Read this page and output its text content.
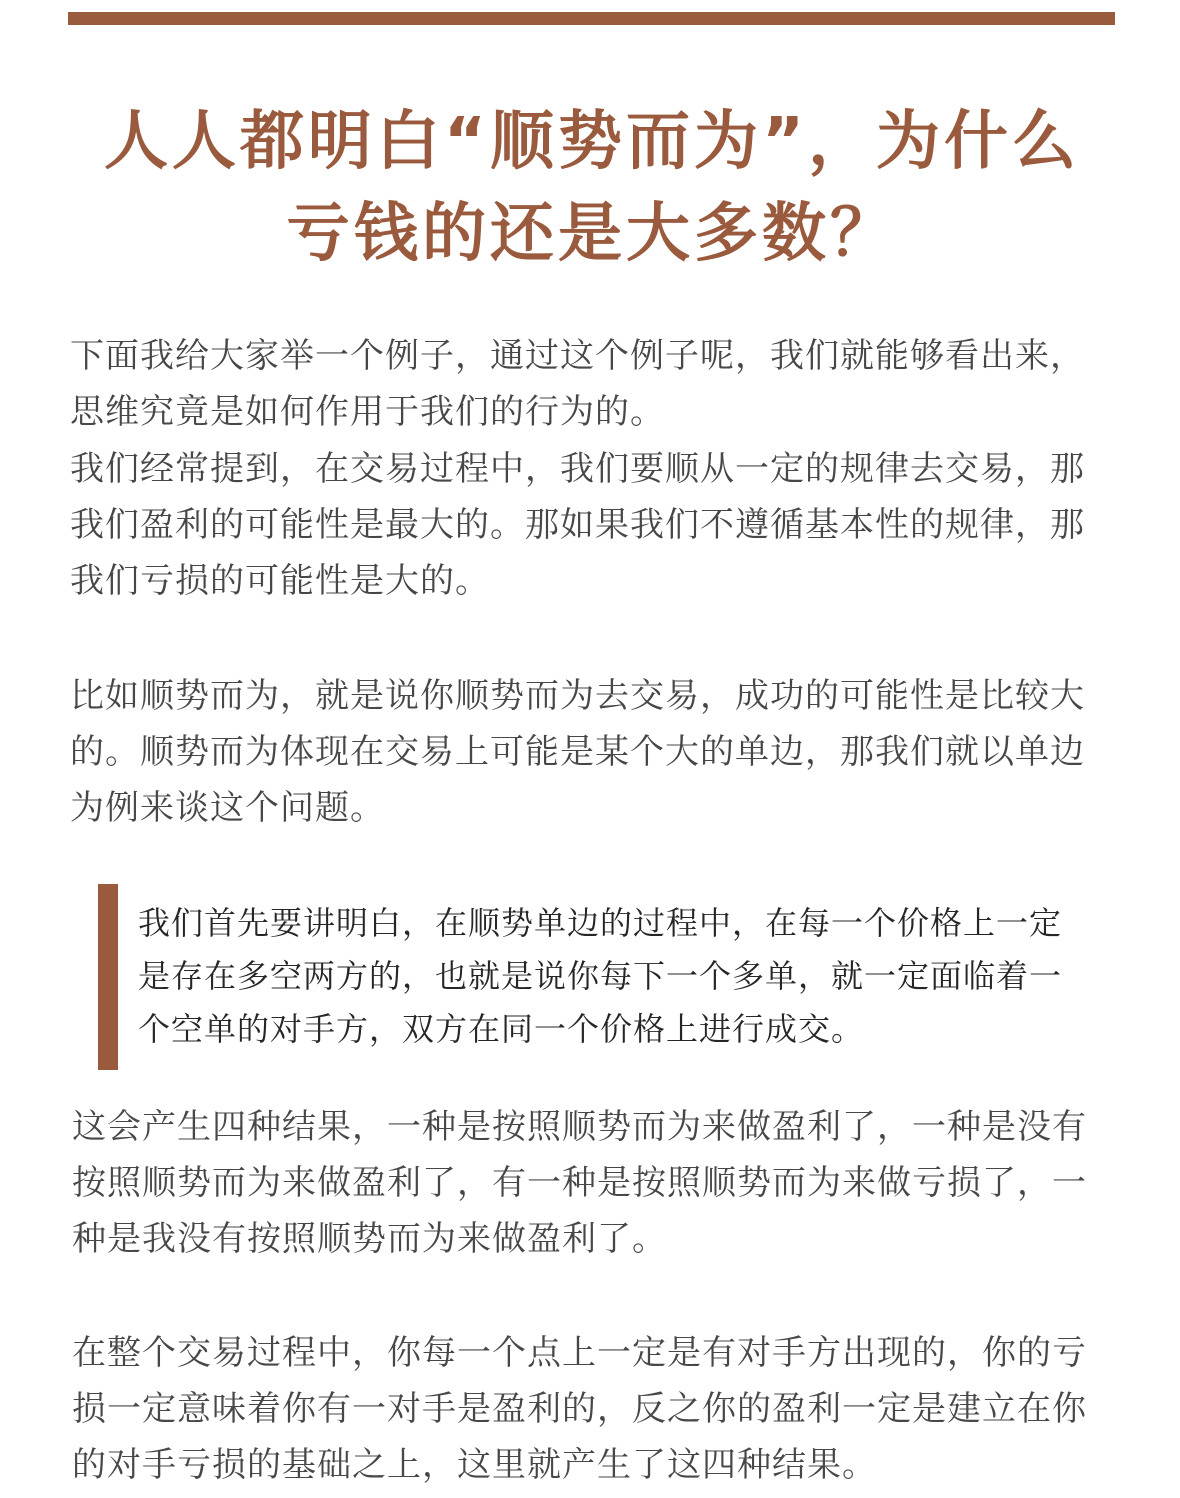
人人都明白“顺势而为”，为什么亏钱的还是大多数？

下面我给大家举一个例子，通过这个例子呢，我们就能够看出来，思维究竟是如何作用于我们的行为的。

我们经常提到，在交易过程中，我们要顺从一定的规律去交易，那我们盈利的可能性是最大的。那如果我们不遵循基本性的规律，那我们亏损的可能性是大的。

比如顺势而为，就是说你顺势而为去交易，成功的可能性是比较大的。顺势而为体现在交易上可能是某个大的单边，那我们就以单边为例来谈这个问题。

我们首先要讲明白，在顺势单边的过程中，在每一个价格上一定是存在多空两方的，也就是说你每下一个多单，就一定面临着一个空单的对手方，双方在同一个价格上进行成交。

这会产生四种结果，一种是按照顺势而为来做盈利了，一种是没有按照顺势而为来做盈利了，有一种是按照顺势而为来做亏损了，一种是我没有按照顺势而为来做盈利了。

在整个交易过程中，你每一个点上一定是有对手方出现的，你的亏损一定意味着你有一对手是盈利的，反之你的盈利一定是建立在你的对手亏损的基础之上，这里就产生了这四种结果。
